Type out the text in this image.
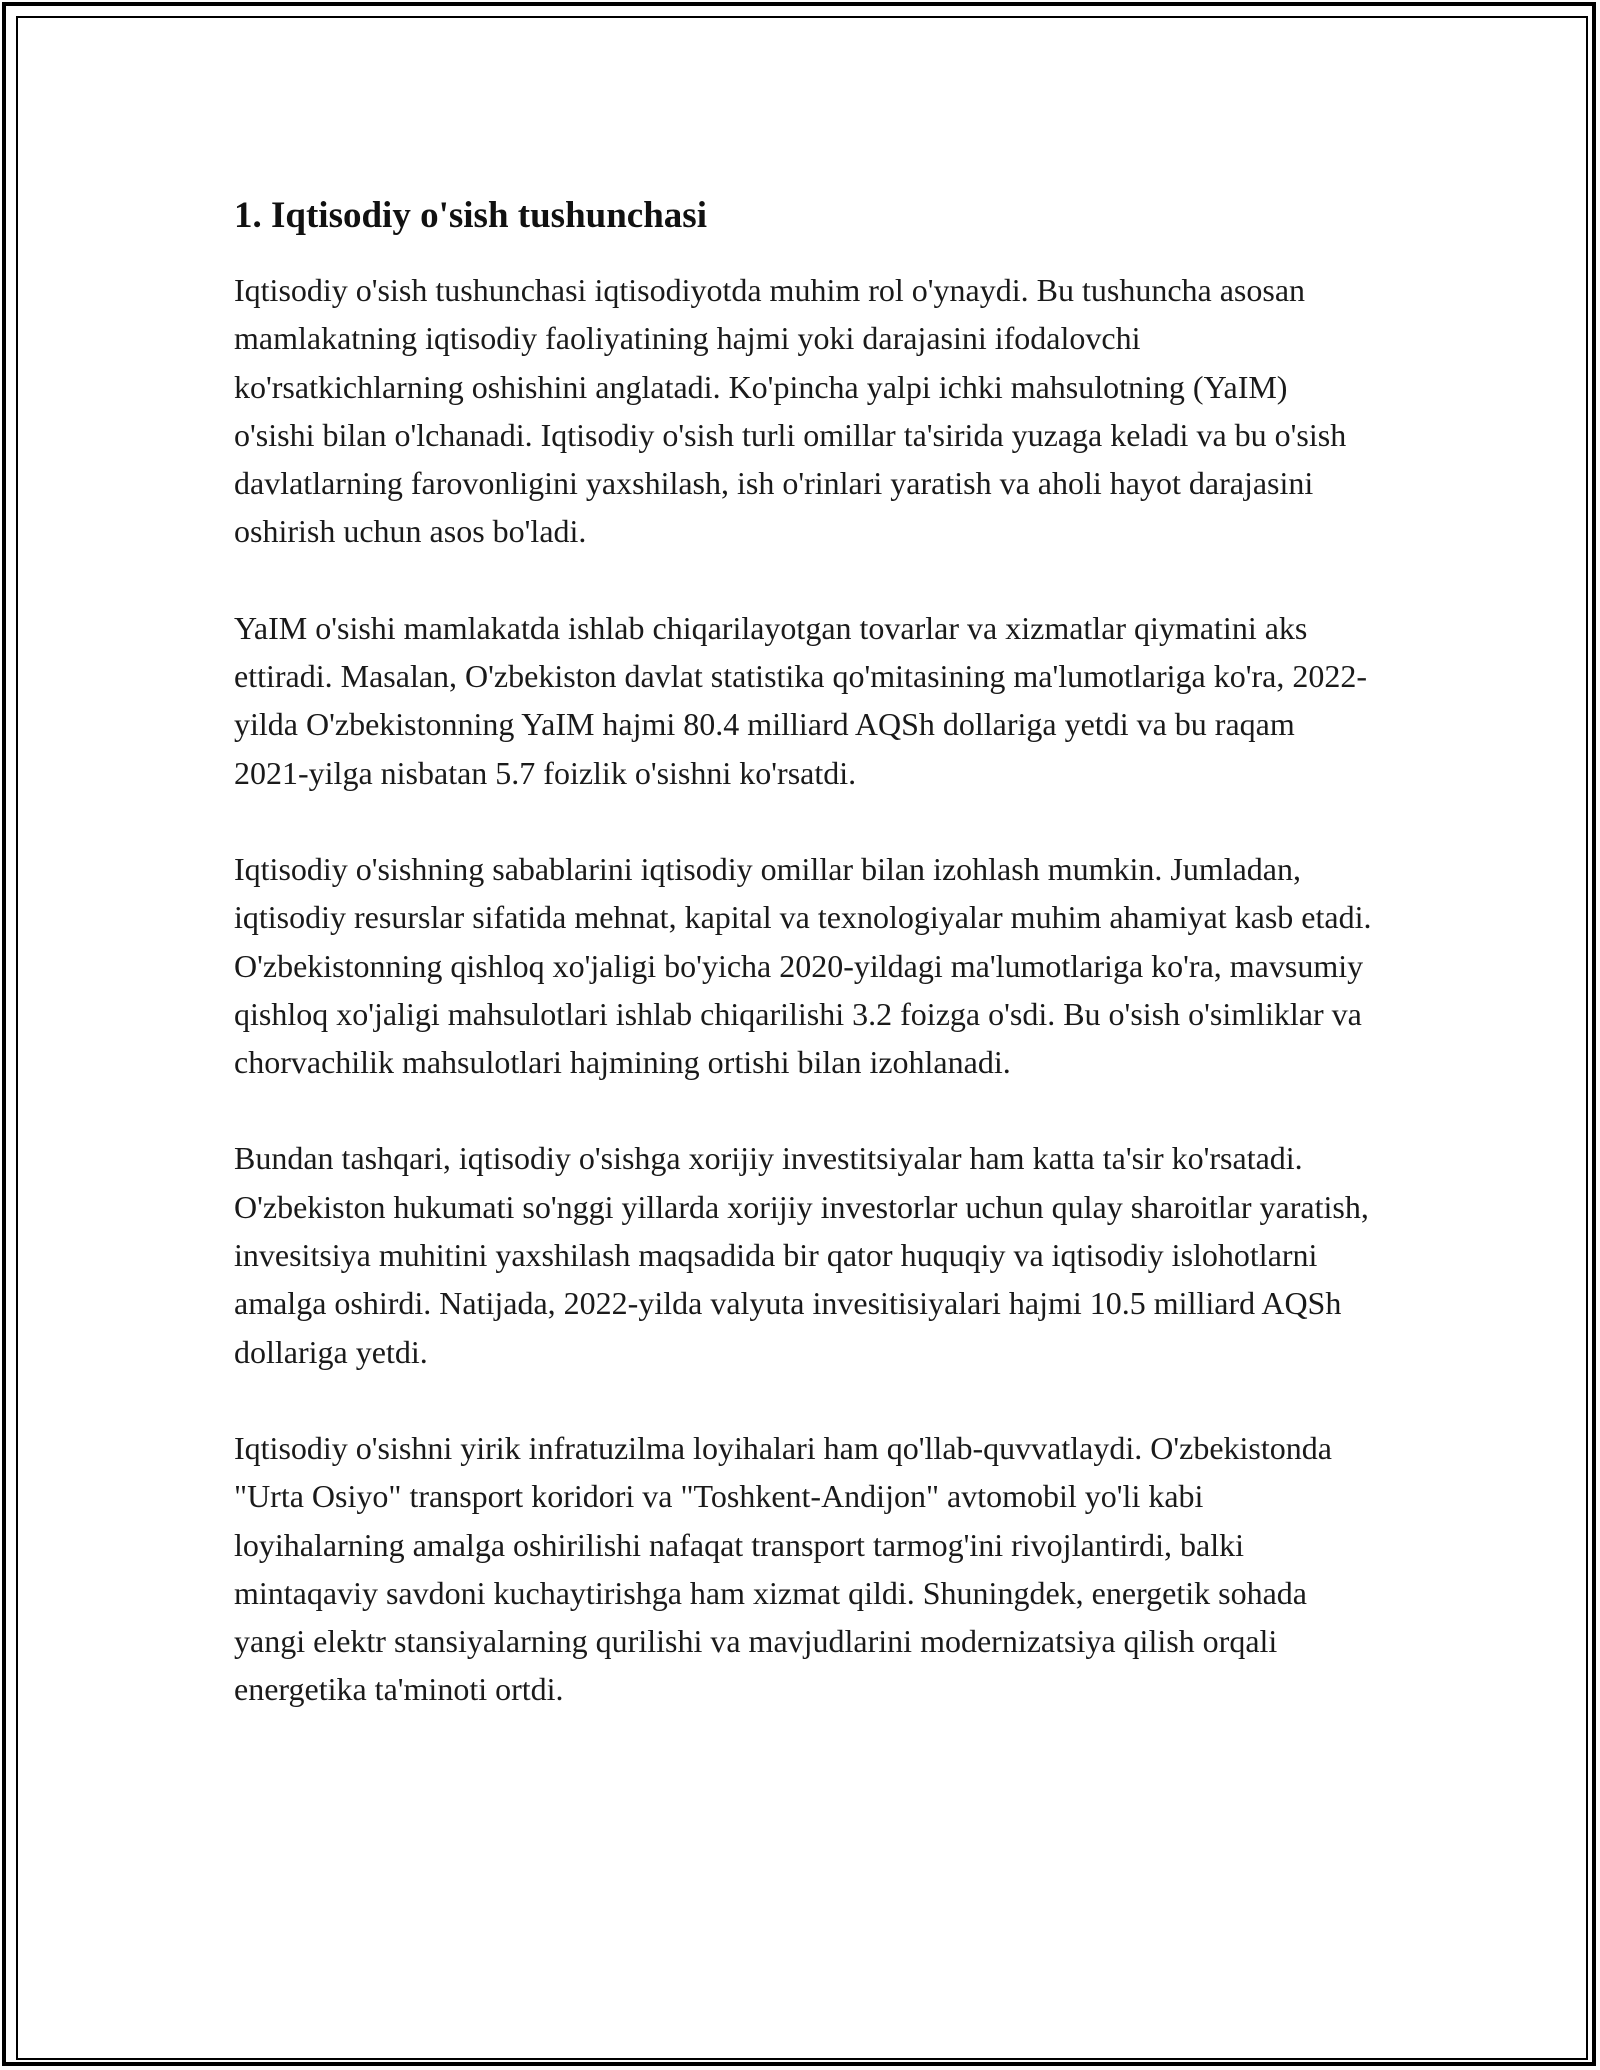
1. Iqtisodiy o'sish tushunchasi

Iqtisodiy o'sish tushunchasi iqtisodiyotda muhim rol o'ynaydi. Bu tushuncha asosan mamlakatning iqtisodiy faoliyatining hajmi yoki darajasini ifodalovchi ko'rsatkichlarning oshishini anglatadi. Ko'pincha yalpi ichki mahsulotning (YaIM) o'sishi bilan o'lchanadi. Iqtisodiy o'sish turli omillar ta'sirida yuzaga keladi va bu o'sish davlatlarning farovonligini yaxshilash, ish o'rinlari yaratish va aholi hayot darajasini oshirish uchun asos bo'ladi.

YaIM o'sishi mamlakatda ishlab chiqarilayotgan tovarlar va xizmatlar qiymatini aks ettiradi. Masalan, O'zbekiston davlat statistika qo'mitasining ma'lumotlariga ko'ra, 2022-yilda O'zbekistonning YaIM hajmi 80.4 milliard AQSh dollariga yetdi va bu raqam 2021-yilga nisbatan 5.7 foizlik o'sishni ko'rsatdi.

Iqtisodiy o'sishning sabablarini iqtisodiy omillar bilan izohlash mumkin. Jumladan, iqtisodiy resurslar sifatida mehnat, kapital va texnologiyalar muhim ahamiyat kasb etadi. O'zbekistonning qishloq xo'jaligi bo'yicha 2020-yildagi ma'lumotlariga ko'ra, mavsumiy qishloq xo'jaligi mahsulotlari ishlab chiqarilishi 3.2 foizga o'sdi. Bu o'sish o'simliklar va chorvachilik mahsulotlari hajmining ortishi bilan izohlanadi.

Bundan tashqari, iqtisodiy o'sishga xorijiy investitsiyalar ham katta ta'sir ko'rsatadi. O'zbekiston hukumati so'nggi yillarda xorijiy investorlar uchun qulay sharoitlar yaratish, invesitsiya muhitini yaxshilash maqsadida bir qator huquqiy va iqtisodiy islohotlarni amalga oshirdi. Natijada, 2022-yilda valyuta invesitisiyalari hajmi 10.5 milliard AQSh dollariga yetdi.

Iqtisodiy o'sishni yirik infratuzilma loyihalari ham qo'llab-quvvatlaydi. O'zbekistonda "Urta Osiyo" transport koridori va "Toshkent-Andijon" avtomobil yo'li kabi loyihalarning amalga oshirilishi nafaqat transport tarmog'ini rivojlantirdi, balki mintaqaviy savdoni kuchaytirishga ham xizmat qildi. Shuningdek, energetik sohada yangi elektr stansiyalarning qurilishi va mavjudlarini modernizatsiya qilish orqali energetika ta'minoti ortdi.
